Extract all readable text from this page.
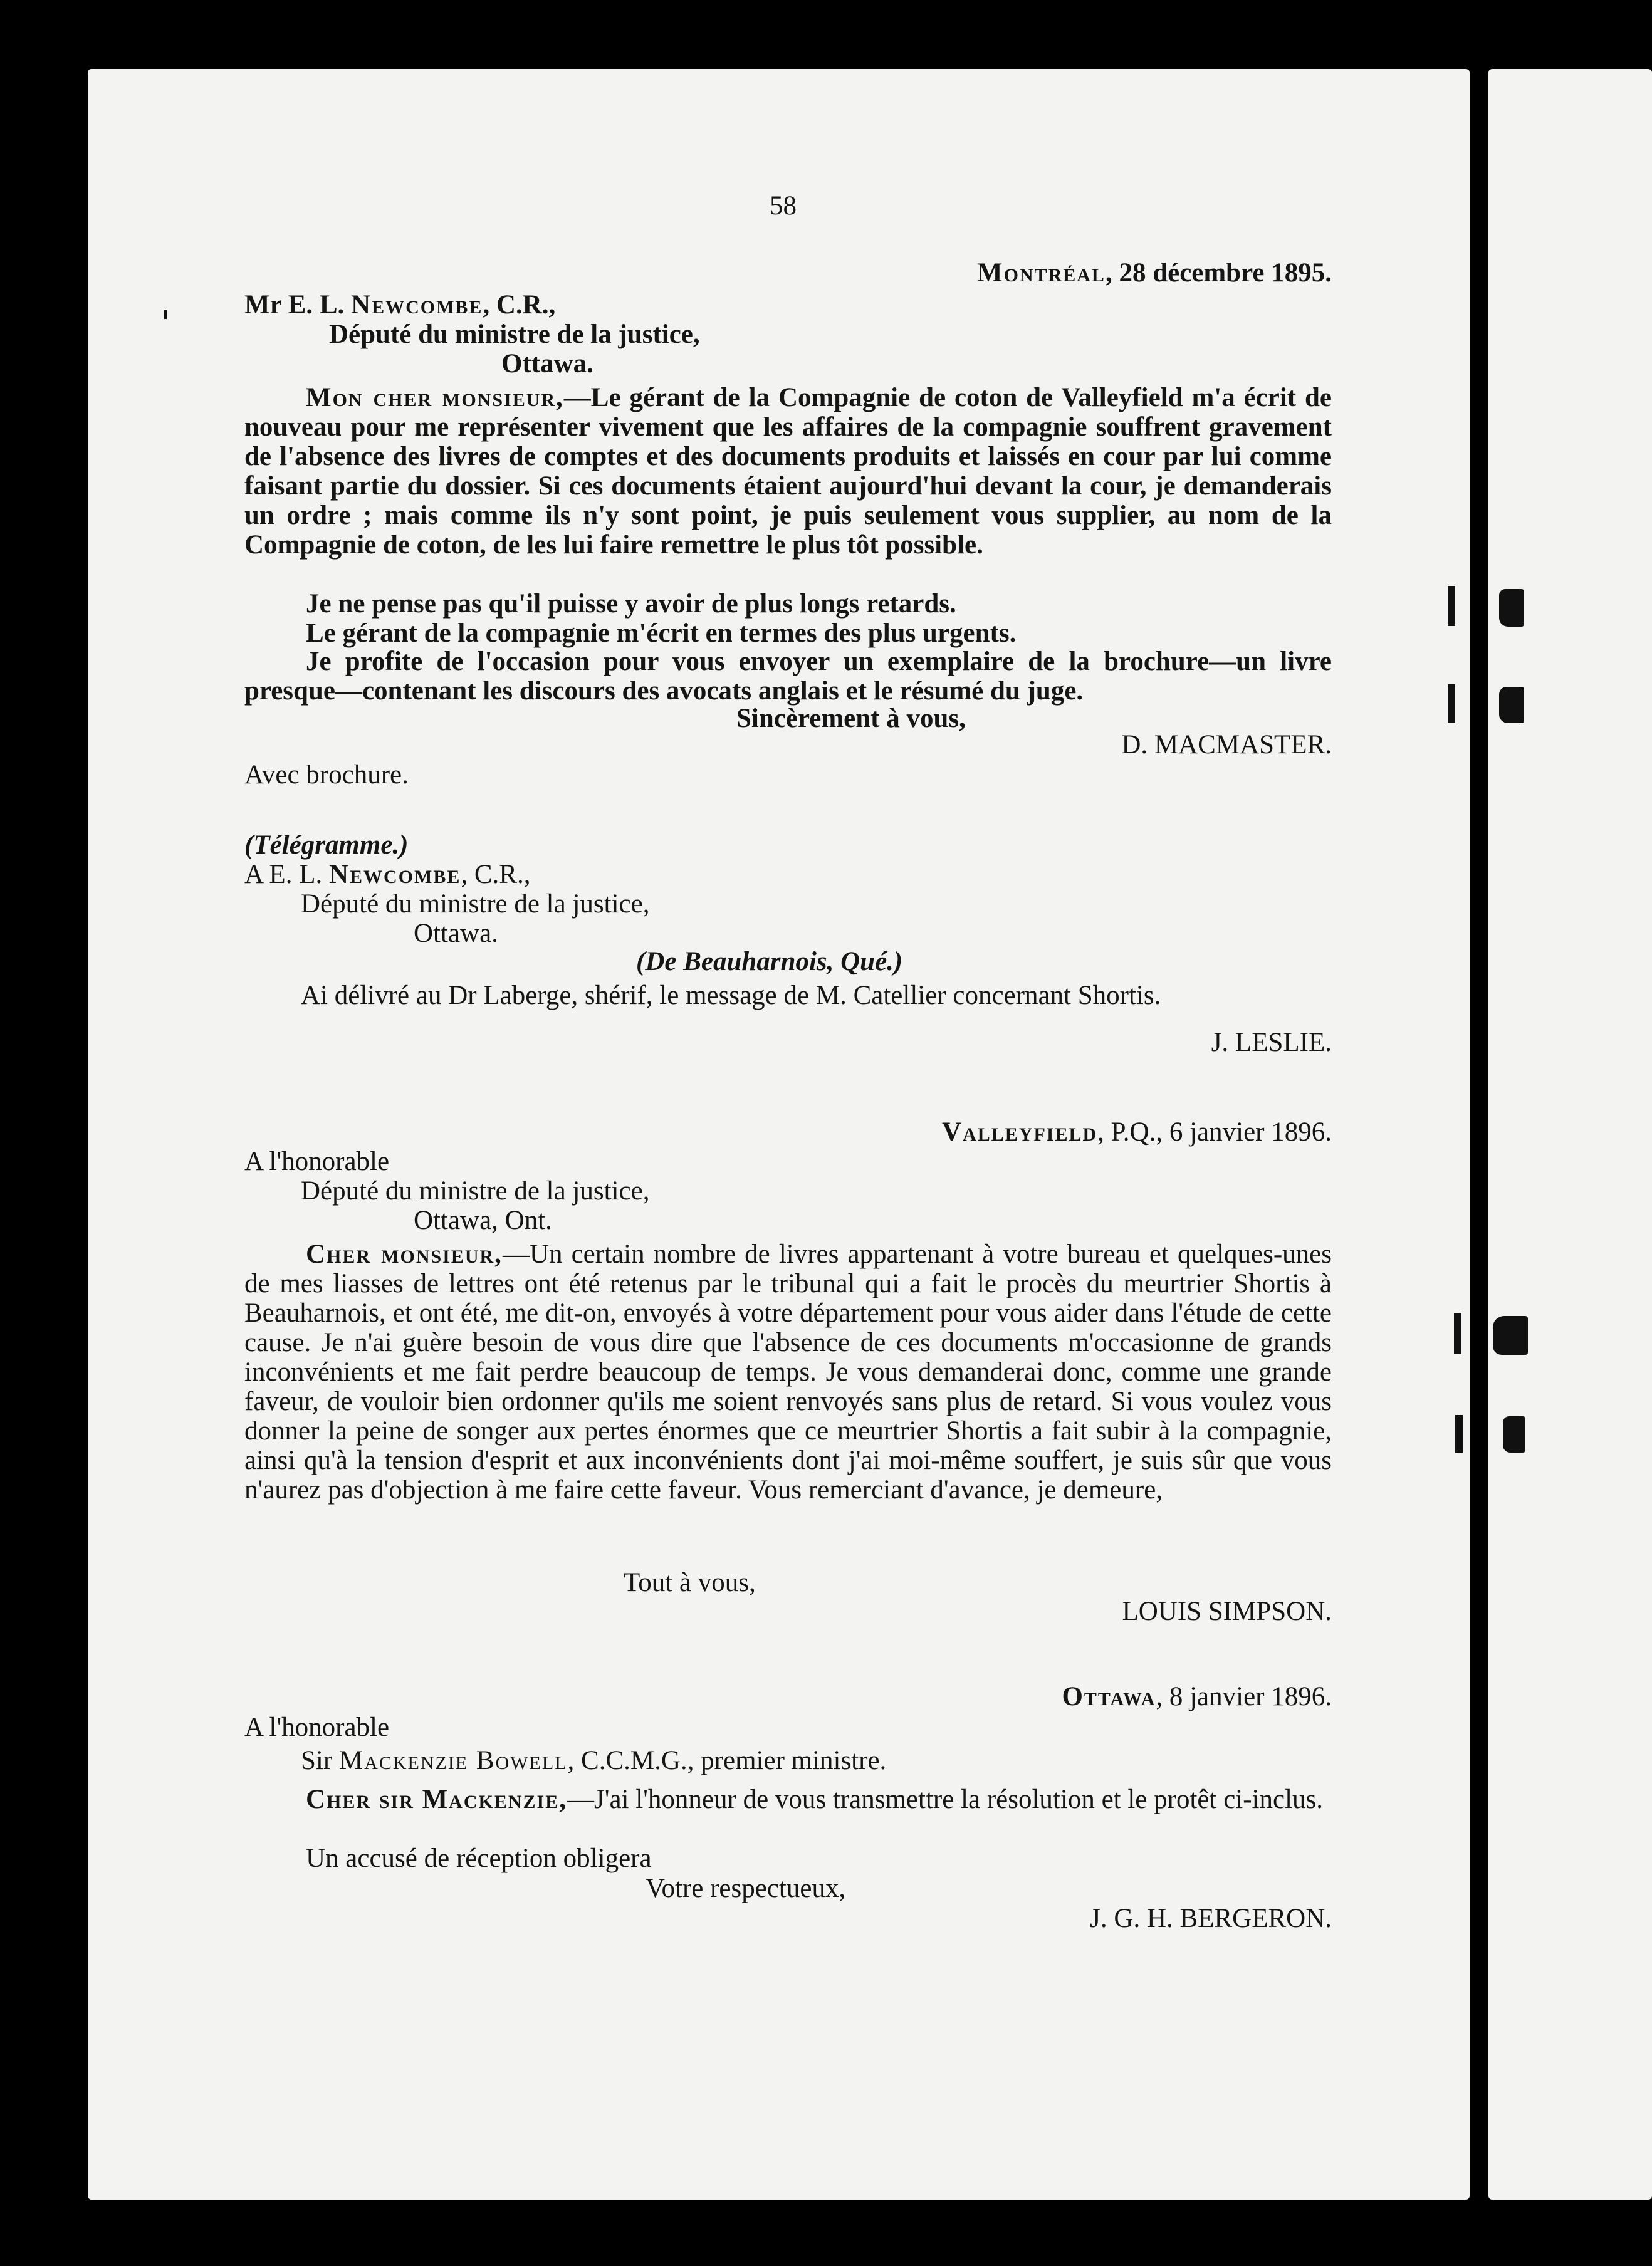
58
Montréal, 28 décembre 1895.
Mr E. L. Newcombe, C.R.,
Député du ministre de la justice,
Ottawa.

Mon cher monsieur,—Le gérant de la Compagnie de coton de Valleyfield m'a écrit de nouveau pour me représenter vivement que les affaires de la compagnie souffrent gravement de l'absence des livres de comptes et des documents produits et laissés en cour par lui comme faisant partie du dossier. Si ces documents étaient aujourd'hui devant la cour, je demanderais un ordre ; mais comme ils n'y sont point, je puis seulement vous supplier, au nom de la Compagnie de coton, de les lui faire remettre le plus tôt possible.

Je ne pense pas qu'il puisse y avoir de plus longs retards.
Le gérant de la compagnie m'écrit en termes des plus urgents.
Je profite de l'occasion pour vous envoyer un exemplaire de la brochure—un livre presque—contenant les discours des avocats anglais et le résumé du juge.
Sincèrement à vous,
D. MACMASTER.
Avec brochure.
(Télégramme.)
A E. L. Newcombe, C.R.,
Député du ministre de la justice,
Ottawa.
(De Beauharnois, Qué.)
Ai délivré au Dr Laberge, shérif, le message de M. Catellier concernant Shortis.
J. LESLIE.
Valleyfield, P.Q., 6 janvier 1896.
A l'honorable
Député du ministre de la justice,
Ottawa, Ont.

Cher monsieur,—Un certain nombre de livres appartenant à votre bureau et quelques-unes de mes liasses de lettres ont été retenus par le tribunal qui a fait le procès du meurtrier Shortis à Beauharnois, et ont été, me dit-on, envoyés à votre département pour vous aider dans l'étude de cette cause. Je n'ai guère besoin de vous dire que l'absence de ces documents m'occasionne de grands inconvénients et me fait perdre beaucoup de temps. Je vous demanderai donc, comme une grande faveur, de vouloir bien ordonner qu'ils me soient renvoyés sans plus de retard. Si vous voulez vous donner la peine de songer aux pertes énormes que ce meurtrier Shortis a fait subir à la compagnie, ainsi qu'à la tension d'esprit et aux inconvénients dont j'ai moi-même souffert, je suis sûr que vous n'aurez pas d'objection à me faire cette faveur. Vous remerciant d'avance, je demeure,

Tout à vous,
LOUIS SIMPSON.
Ottawa, 8 janvier 1896.
A l'honorable
Sir Mackenzie Bowell, C.C.M.G., premier ministre.

Cher sir Mackenzie,—J'ai l'honneur de vous transmettre la résolution et le protêt ci-inclus.

Un accusé de réception obligera
Votre respectueux,
J. G. H. BERGERON.
